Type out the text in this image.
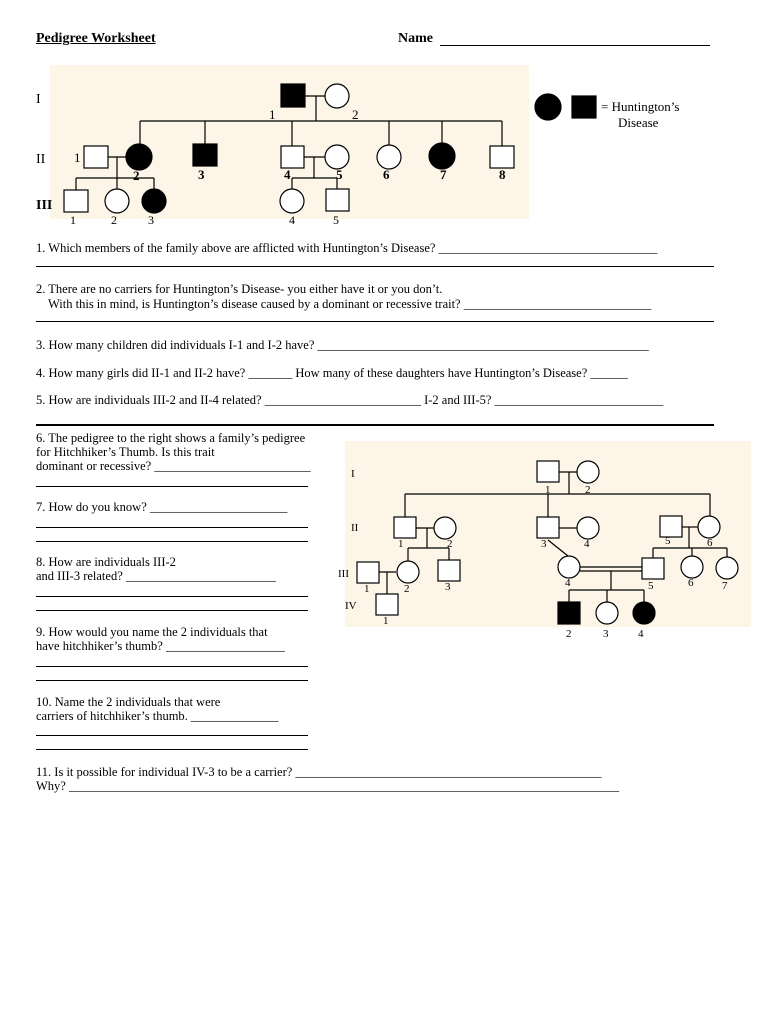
Pedigree Worksheet	Name
I
II
III
1	2
1
2	3	4	5	6	7	8
1	2	3	4	5
= Huntington’s
Disease
1. Which members of the family above are afflicted with Huntington’s Disease? ___________________________________
2. There are no carriers for Huntington’s Disease- you either have it or you don’t.
With this in mind, is Huntington’s disease caused by a dominant or recessive trait? ______________________________
3. How many children did individuals I-1 and I-2 have? _____________________________________________________
4. How many girls did II-1 and II-2 have? _______ How many of these daughters have Huntington’s Disease? ______
5. How are individuals III-2 and II-4 related? _________________________ I-2 and III-5? ___________________________
6. The pedigree to the right shows a family’s pedigree
for Hitchhiker’s Thumb. Is this trait
dominant or recessive? _________________________
7. How do you know? ______________________
8. How are individuals III-2
and III-3 related? ________________________
9. How would you name the 2 individuals that
have hitchhiker’s thumb? ___________________
10. Name the 2 individuals that were
carriers of hitchhiker’s thumb. ______________
11. Is it possible for individual IV-3 to be a carrier? _________________________________________________
Why? ________________________________________________________________________________________
I
II
III
IV
1	2
1	2	3	4	5	6
1	2	3	4	5	6	7
1
2	3	4
